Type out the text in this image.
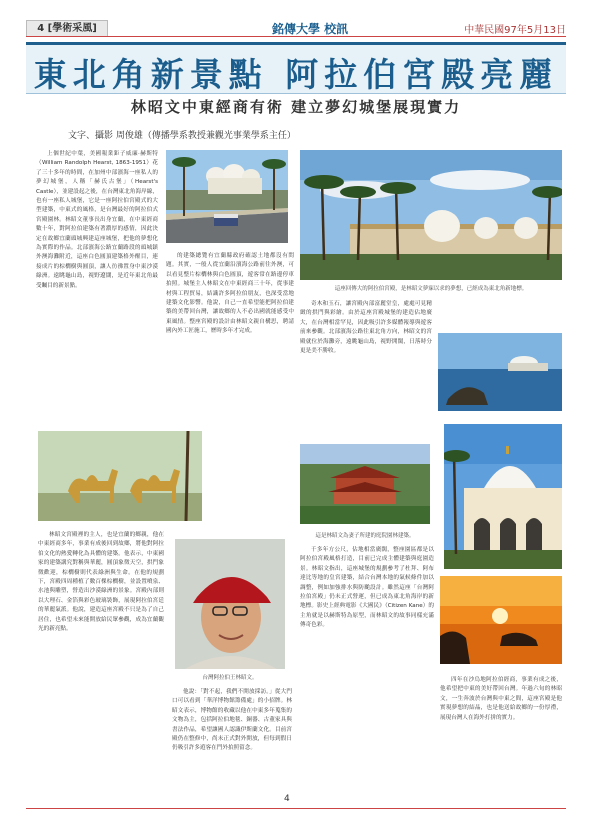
4 [學術采風]	銘傳大學 校訊	中華民國97年5月13日
東北角新景點 阿拉伯宮殿亮麗
林昭文中東經商有術 建立夢幻城堡展現實力
文字、攝影 周俊雄（傳播學系教授兼觀光事業學系主任）
這座回傳大的阿拉伯宮殿，是林昭文夢寐以求的夢想，已經成為東北角新地標。
這是林昭文為妻子所建的庭院園林建築。
台灣阿拉伯王林昭文。
上個世紀中葉，美國報業鉅子威廉·赫斯特（William Randolph Hearst, 1863-1951）花了三十多年的時間，在加州中部濱海一座私人的夢幻城堡，人稱「赫氏古堡」（Hearst's Castle），並建設起之後，在台灣東北角海岸線，也有一座私人城堡，它是一座阿拉伯宮殿式的大型建築，中東式的風格，是台灣最好的阿拉伯式宮殿園林。林昭文董事長出身宜蘭，在中東經商數十年，對阿拉伯建築有著濃厚的感情，因此決定在故鄉宜蘭頭城興建這座城堡，把他的夢想化為實際的作品。北部濱海公路宜蘭路段的頭城鎮外澳海灘附近，這座白色圓頂建築格外醒目，連接成片的棕櫚樹與圓頂，讓人彷彿置身中東沙漠綠洲。遠眺龜山島，視野遼闊，是近年東北角最受矚目的新景點。
的建築總覽有宜蘭縣政府確認土地都沒有問題。其實，一般人從宜蘭沿濱海公路前往外澳，可以看見整片棕櫚林與白色圓頂，遊客常在路邊停車拍照。城堡主人林昭文在中東經商三十年，從事建材與工程貿易，結識許多阿拉伯朋友，也深受當地建築文化影響。他說，自己一直希望能把阿拉伯建築的美帶回台灣，讓故鄉的人不必出國就能感受中東風情。整座宮殿的設計由林昭文親自構思，聘請國內外工匠施工，歷時多年才完成。
奇木和玉石，讓宮殿內部富麗堂皇，處處可見精緻的拱門與彩繪。由於這座宮殿城堡的建造佔地廣大，在台灣相當罕見，因此吸引許多媒體報導與遊客前來參觀。北部濱海公路往東北角方向，林昭文的宮殿就位於海灘旁，遠眺龜山島，視野開闊，日落時分更是美不勝收。
林昭文宮殿裡的主人，也是宜蘭的鄉親，他在中東經商多年，事業有成後回到故鄉，將他對阿拉伯文化的熱愛轉化為具體的建築。他表示，中東國家的建築講究對稱與華麗，圓頂象徵天空，拱門象徵歡迎，棕櫚樹則代表綠洲與生命。在他的規劃下，宮殿四周種植了數百棵棕櫚樹，並設置噴泉、水池與雕塑，營造出沙漠綠洲的景象。宮殿內部則以大理石、金箔與彩色玻璃裝飾，展現阿拉伯宮廷的華麗氣派。他說，建造這座宮殿不只是為了自己居住，也希望未來能開放給民眾參觀，成為宜蘭觀光的新亮點。
他說：「對不起，我們不開放採訪。」從大門口可以看到「華洋博物館籌備處」的小招牌。林昭文表示，博物館的收藏以他在中東多年蒐集的文物為主，包括阿拉伯地毯、銅器、古董家具與書法作品，希望讓國人認識伊斯蘭文化。目前宮殿仍在整修中，尚未正式對外開放，但每到假日仍吸引許多遊客在門外拍照留念。
千多年方公尺，佔地相當廣闊，整座園區都是以阿拉伯宮殿風格打造，目前已完成主體建築與庭園造景。林昭文指出，這座城堡的規劃參考了杜拜、阿布達比等地的皇宮建築，結合台灣本地的氣候條件加以調整，例如加強排水與防颱設計。雖然這座「台灣阿拉伯宮殿」仍未正式營運，但已成為東北角海岸的新地標。影史上經典電影《大國民》（Citizen Kane）的主角就是以赫斯特為原型，而林昭文的故事同樣充滿傳奇色彩。
四年在沙烏地阿拉伯經商，事業有成之後，他希望把中東的美好帶回台灣。年過六旬的林昭文，一生奔波於台灣與中東之間，這座宮殿是他實現夢想的結晶，也是他送給故鄉的一份厚禮，展現台灣人在海外打拼的實力。
4
